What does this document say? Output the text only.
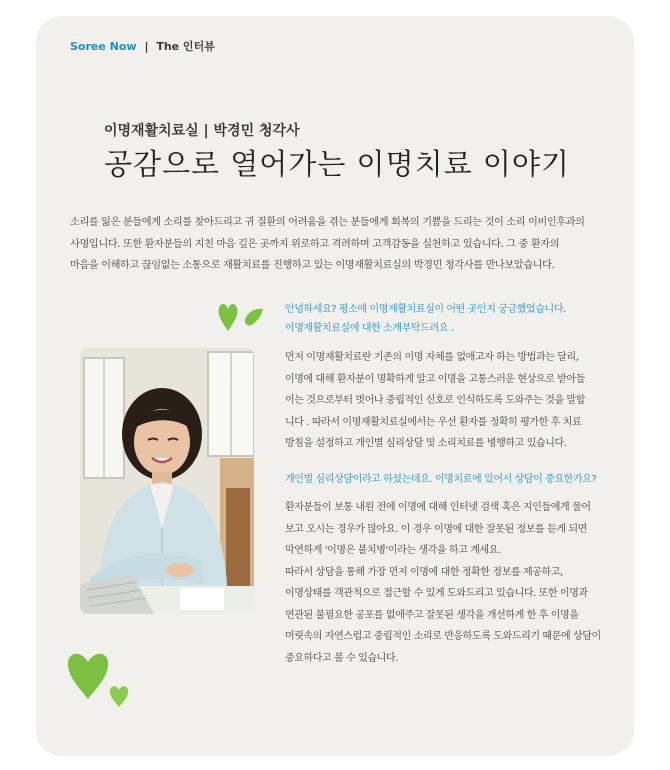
Soree Now | The 인터뷰
이명재활치료실 | 박경민 청각사
공감으로 열어가는 이명치료 이야기

소리를 잃은 분들에게 소리를 찾아드리고 귀 질환의 어려움을 겪는 분들에게 회복의 기쁨을 드리는 것이 소리 이비인후과의

사명입니다. 또한 환자분들의 지친 마음 깊은 곳까지 위로하고 격려하며 고객감동을 실천하고 있습니다. 그 중 환자의

마음을 이해하고 끊임없는 소통으로 재활치료를 진행하고 있는 이명재활치료실의 박경민 청각사를 만나보았습니다.

안녕하세요? 평소에 이명재활치료실이 어떤 곳인지 궁금했었습니다.

이명재활치료실에 대한 소개부탁드려요 .

먼저 이명재활치료란 기존의 이명 자체를 없애고자 하는 방법과는 달리,

이명에 대해 환자분이 명확하게 알고 이명을 고통스러운 현상으로 받아들

이는 것으로부터 벗어나 중립적인 신호로 인식하도록 도와주는 것을 말합

니다 . 따라서 이명재활치료실에서는 우선 환자를 정확히 평가한 후 치료

방침을 설정하고 개인별 심리상담 및 소리치료를 병행하고 있습니다.

개인별 심리상담이라고 하셨는데요. 이명치료에 있어서 상담이 중요한가요?

환자분들이 보통 내원 전에 이명에 대해 인터넷 검색 혹은 지인들에게 물어

보고 오시는 경우가 많아요. 이 경우 이명에 대한 잘못된 정보를 듣게 되면

막연하게 '이명은 불치병'이라는 생각을 하고 계세요.

따라서 상담을 통해 가장 먼저 이명에 대한 정확한 정보를 제공하고,

이명상태를 객관적으로 접근할 수 있게 도와드리고 있습니다. 또한 이명과

연관된 불필요한 공포를 없애주고 잘못된 생각을 개선하게 한 후 이명을

머릿속의 자연스럽고 중립적인 소리로 반응하도록 도와드리기 때문에 상담이

중요하다고 볼 수 있습니다.
